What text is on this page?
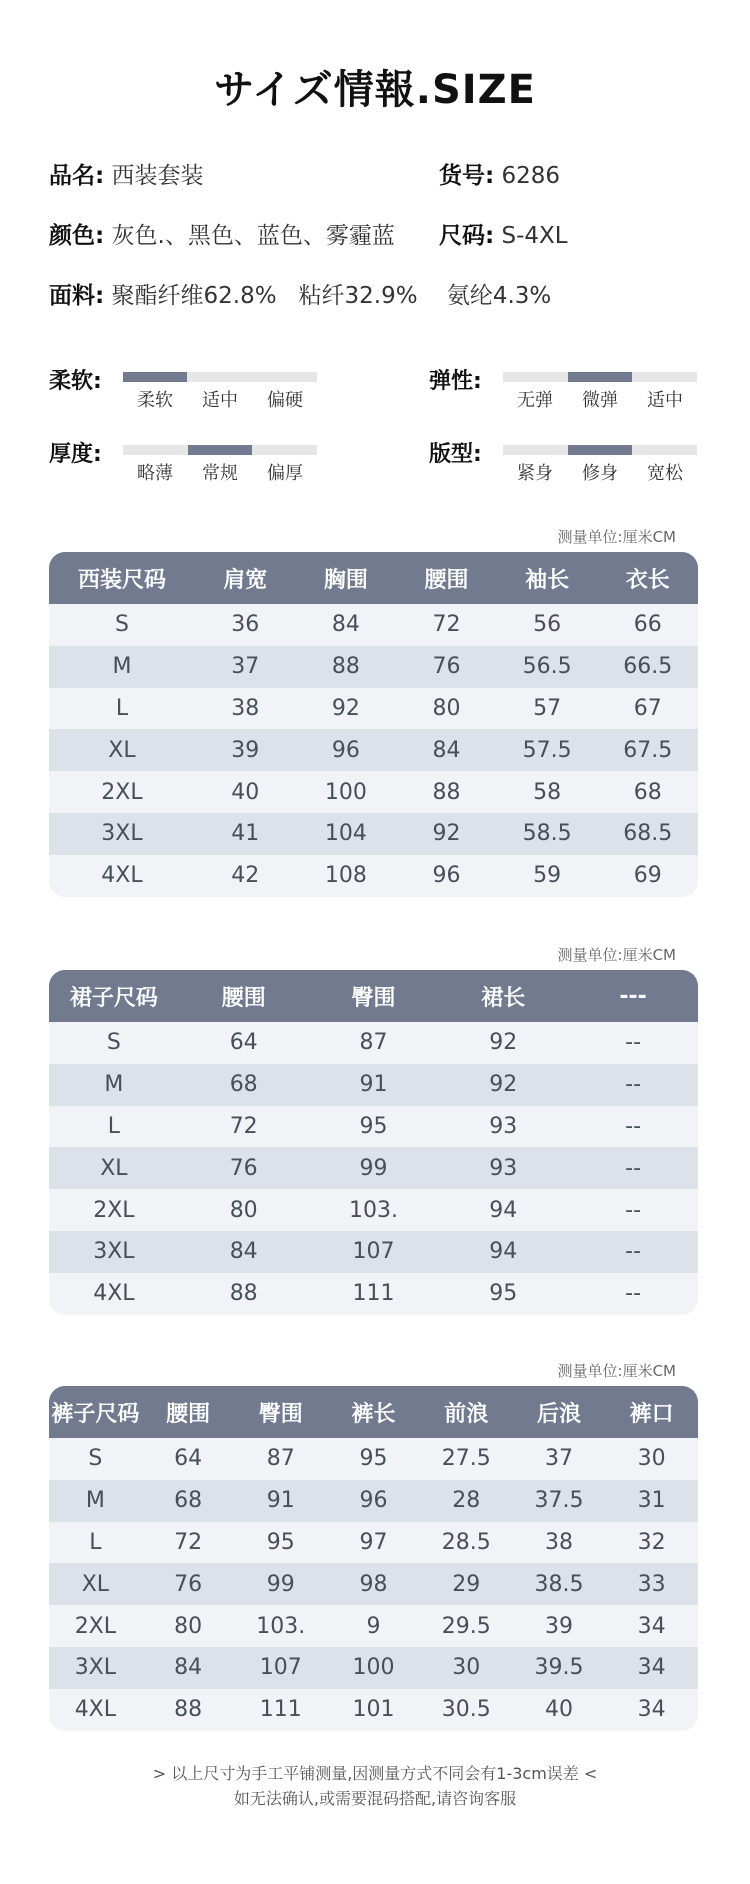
サイズ情報.SIZE
品名: 西装套装	货号: 6286
颜色: 灰色.、黑色、蓝色、雾霾蓝 尺码: S-4XL
面料: 聚酯纤维62.8%   粘纤32.9%    氨纶4.3%
柔软:
柔软	适中	偏硬
弹性:
无弹	微弹	适中
厚度:
略薄	常规	偏厚
版型:
紧身	修身	宽松
测量单位:厘米CM
西装尺码	肩宽	胸围	腰围	袖长	衣长
S	36	84	72	56	66
M	37	88	76	56.5	66.5
L	38	92	80	57	67
XL	39	96	84	57.5	67.5
2XL	40	100	88	58	68
3XL	41	104	92	58.5	68.5
4XL	42	108	96	59	69
测量单位:厘米CM
裙子尺码	腰围	臀围	裙长	---
S	64	87	92	--
M	68	91	92	--
L	72	95	93	--
XL	76	99	93	--
2XL	80	103.	94	--
3XL	84	107	94	--
4XL	88	111	95	--
测量单位:厘米CM
裤子尺码	腰围	臀围	裤长	前浪	后浪	裤口
S	64	87	95	27.5	37	30
M	68	91	96	28	37.5	31
L	72	95	97	28.5	38	32
XL	76	99	98	29	38.5	33
2XL	80	103.	9	29.5	39	34
3XL	84	107	100	30	39.5	34
4XL	88	111	101	30.5	40	34
> 以上尺寸为手工平铺测量,因测量方式不同会有1-3cm误差 <
如无法确认,或需要混码搭配,请咨询客服
